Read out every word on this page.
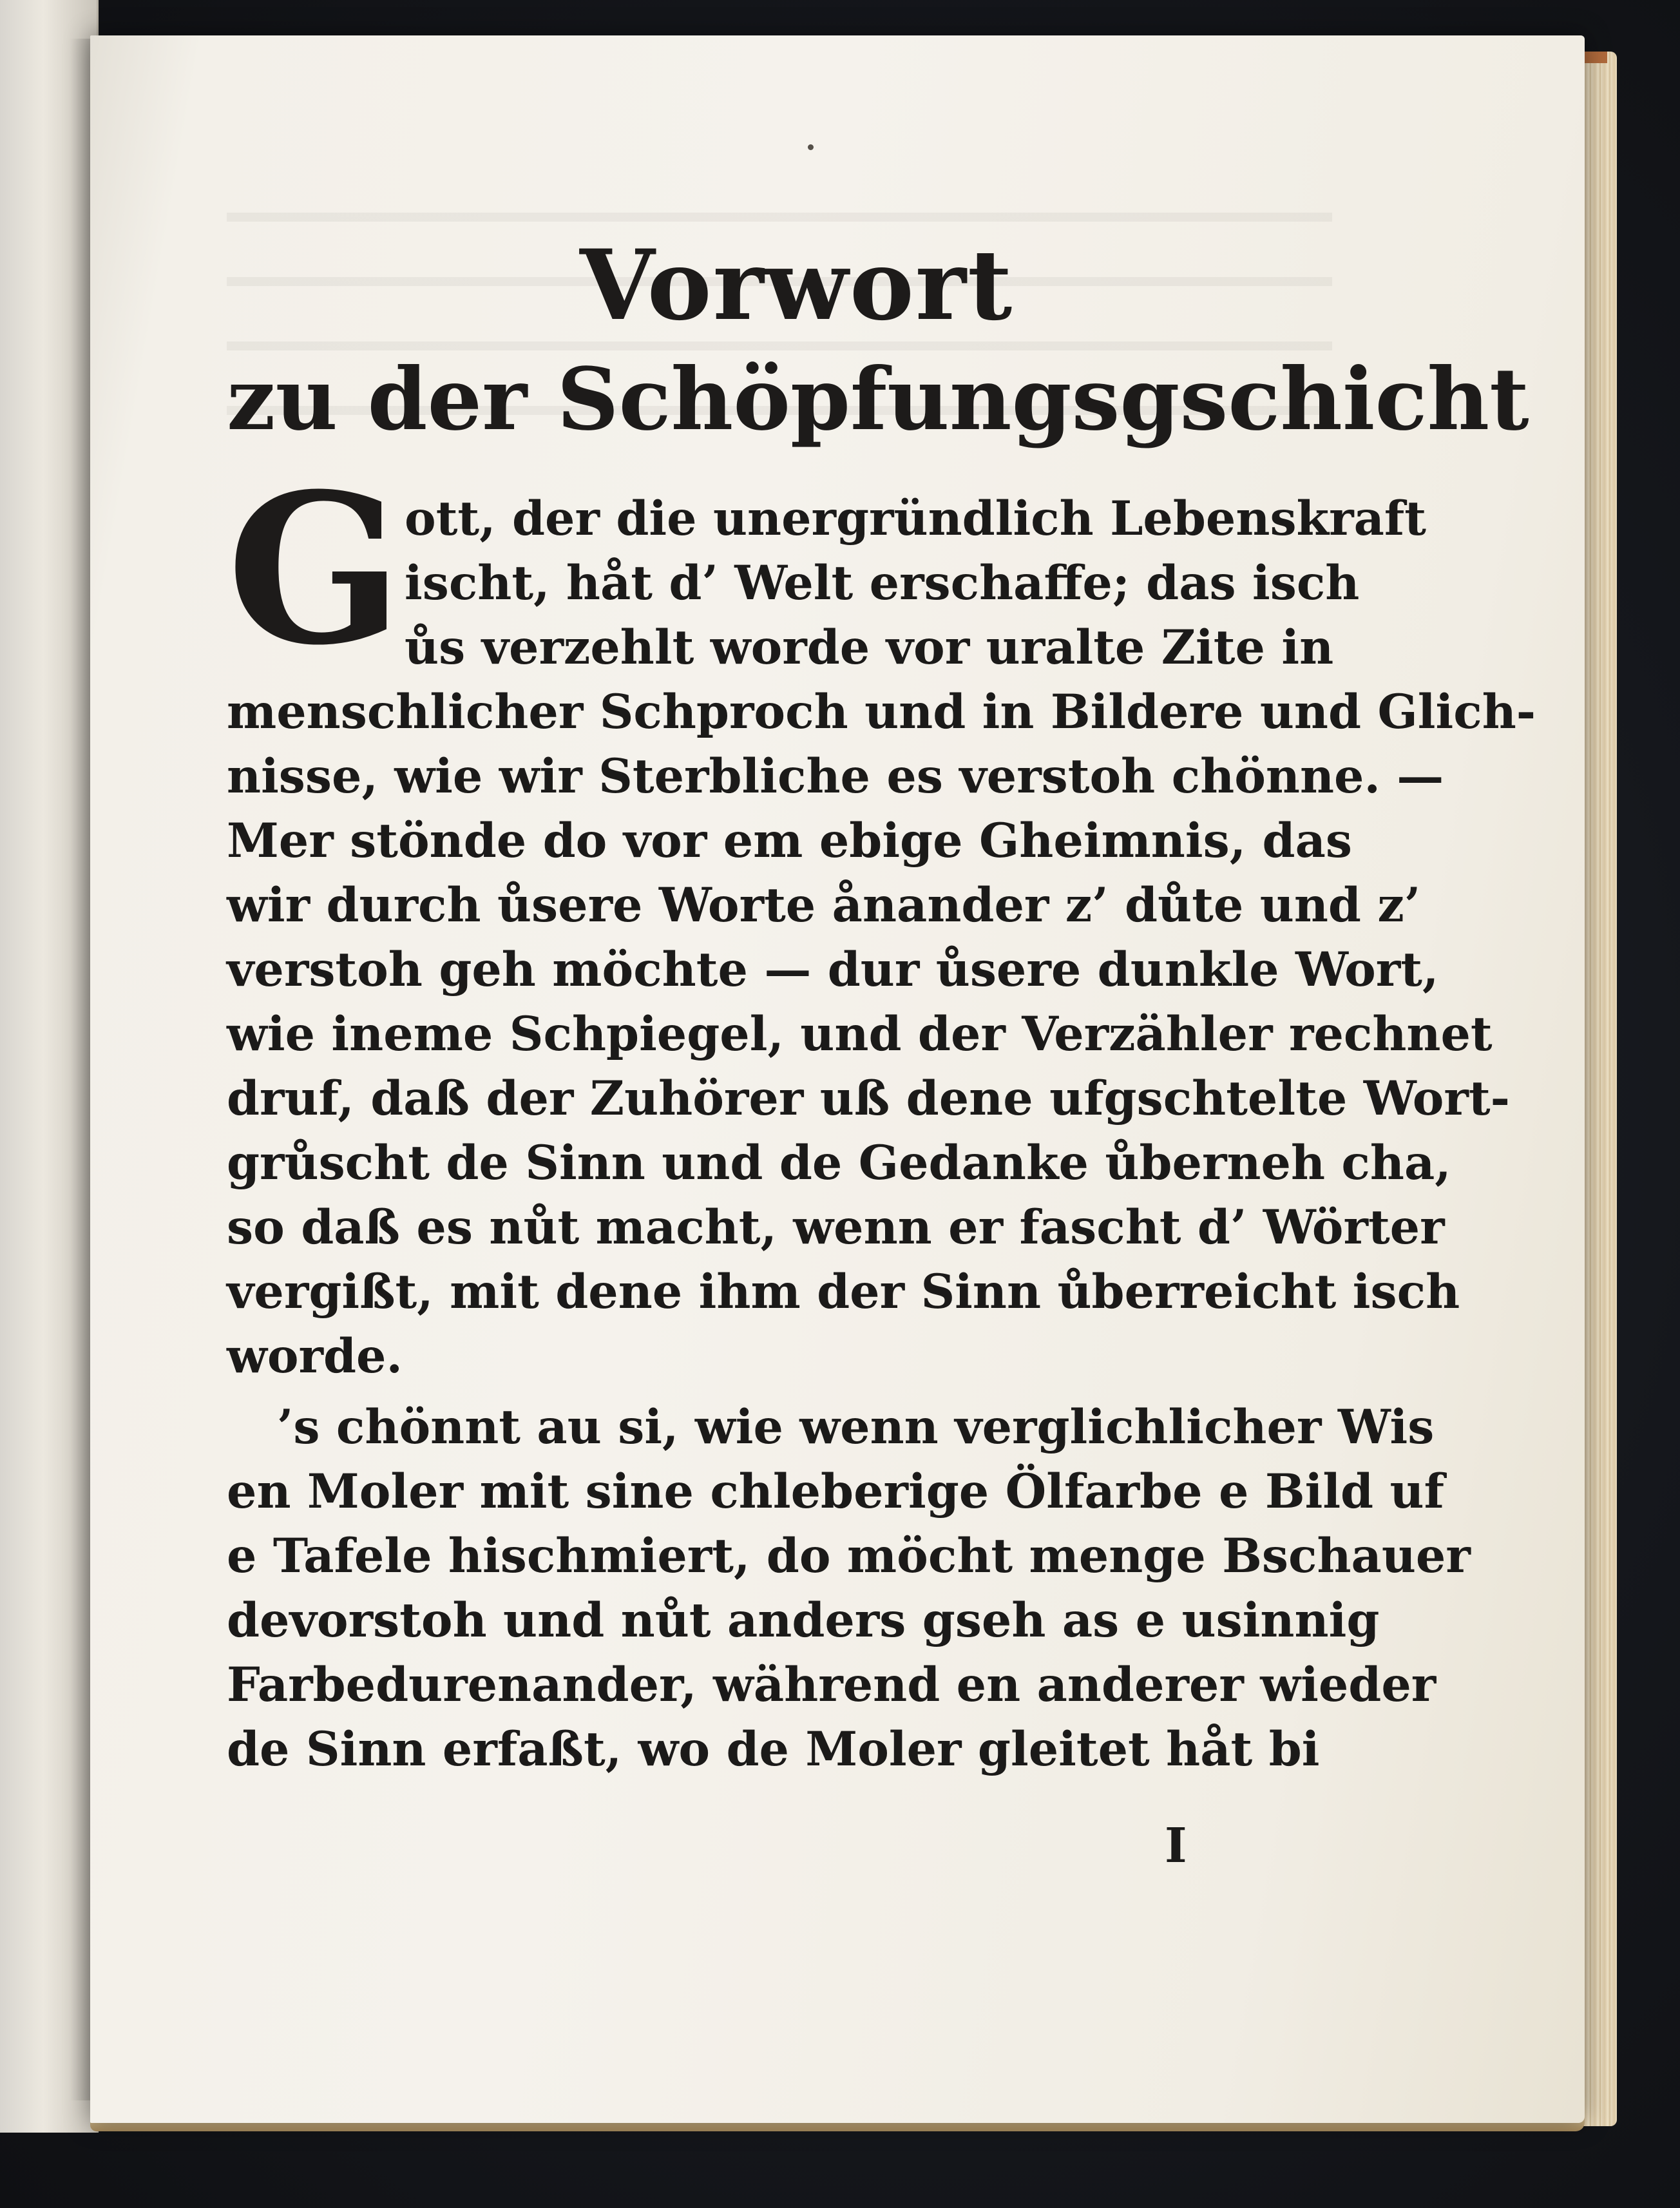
Vorwort
zu der Schöpfungsgschicht
G ott, der die unergründlich Lebenskraft
ischt, håt d’ Welt erschaffe; das isch
ůs verzehlt worde vor uralte Zite in
menschlicher Schproch und in Bildere und Glich-
nisse, wie wir Sterbliche es verstoh chönne. —
Mer stönde do vor em ebige Gheimnis, das
wir durch ůsere Worte ånander z’ důte und z’
verstoh geh möchte — dur ůsere dunkle Wort,
wie ineme Schpiegel, und der Verzähler rechnet
druf, daß der Zuhörer uß dene ufgschtelte Wort-
grůscht de Sinn und de Gedanke ůberneh cha,
so daß es nůt macht, wenn er fascht d’ Wörter
vergißt, mit dene ihm der Sinn ůberreicht isch
worde.
’s chönnt au si, wie wenn verglichlicher Wis
en Moler mit sine chleberige Ölfarbe e Bild uf
e Tafele hischmiert, do möcht menge Bschauer
devorstoh und nůt anders gseh as e usinnig
Farbedurenander, während en anderer wieder
de Sinn erfaßt, wo de Moler gleitet håt bi
I
